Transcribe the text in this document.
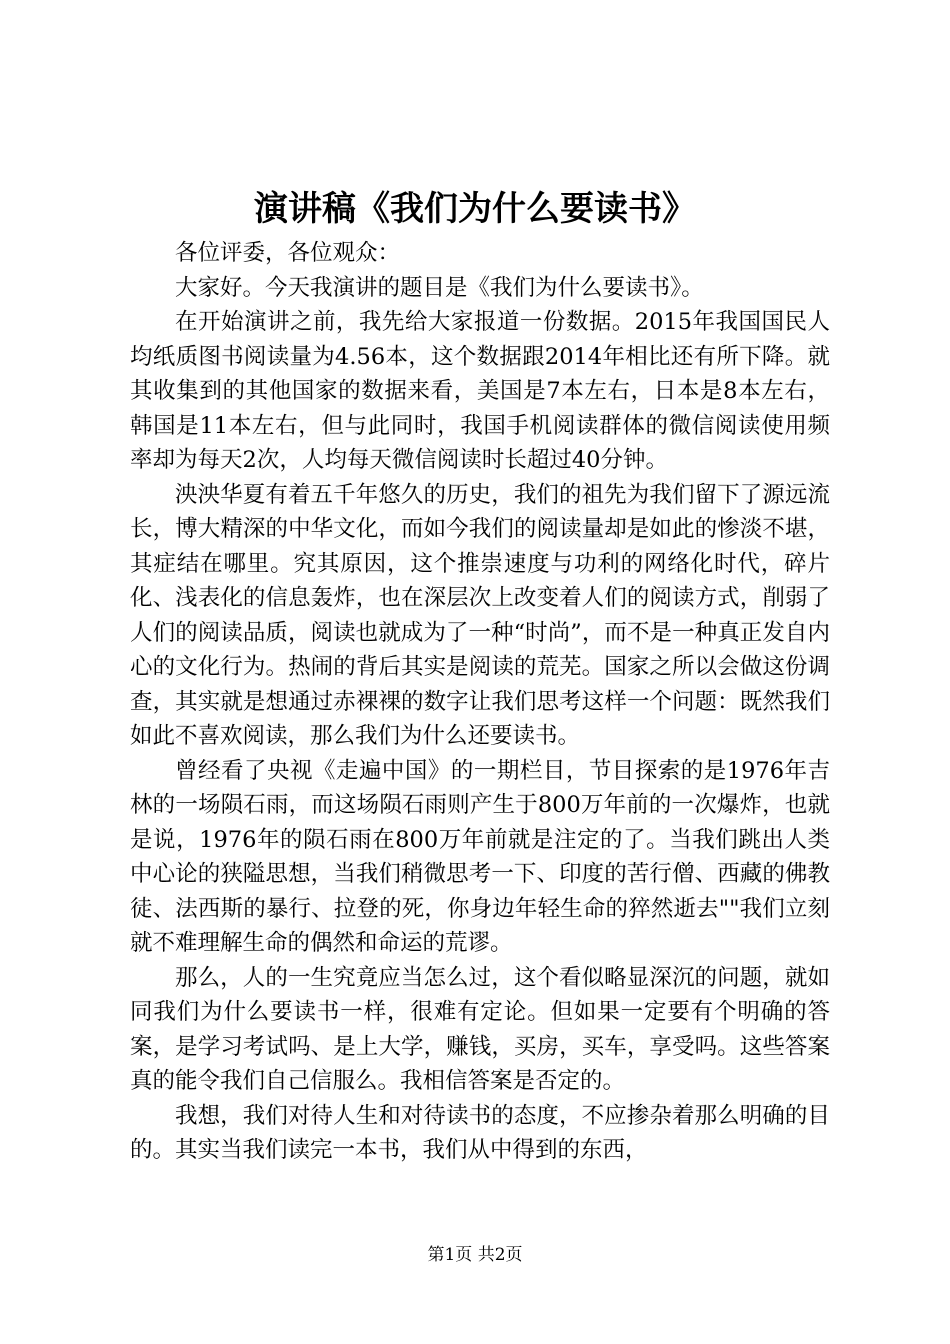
演讲稿《我们为什么要读书》

各位评委，各位观众：

大家好。今天我演讲的题目是《我们为什么要读书》。

在开始演讲之前，我先给大家报道一份数据。2015年我国国民人均纸质图书阅读量为4.56本，这个数据跟2014年相比还有所下降。就其收集到的其他国家的数据来看，美国是7本左右，日本是8本左右，韩国是11本左右，但与此同时，我国手机阅读群体的微信阅读使用频率却为每天2次，人均每天微信阅读时长超过40分钟。

泱泱华夏有着五千年悠久的历史，我们的祖先为我们留下了源远流长，博大精深的中华文化，而如今我们的阅读量却是如此的惨淡不堪，其症结在哪里。究其原因，这个推崇速度与功利的网络化时代，碎片化、浅表化的信息轰炸，也在深层次上改变着人们的阅读方式，削弱了人们的阅读品质，阅读也就成为了一种“时尚”，而不是一种真正发自内心的文化行为。热闹的背后其实是阅读的荒芜。国家之所以会做这份调查，其实就是想通过赤裸裸的数字让我们思考这样一个问题：既然我们如此不喜欢阅读，那么我们为什么还要读书。

曾经看了央视《走遍中国》的一期栏目，节目探索的是1976年吉林的一场陨石雨，而这场陨石雨则产生于800万年前的一次爆炸，也就是说，1976年的陨石雨在800万年前就是注定的了。当我们跳出人类中心论的狭隘思想，当我们稍微思考一下、印度的苦行僧、西藏的佛教徒、法西斯的暴行、拉登的死，你身边年轻生命的猝然逝去""我们立刻就不难理解生命的偶然和命运的荒谬。

那么，人的一生究竟应当怎么过，这个看似略显深沉的问题，就如同我们为什么要读书一样，很难有定论。但如果一定要有个明确的答案，是学习考试吗、是上大学，赚钱，买房，买车，享受吗。这些答案真的能令我们自己信服么。我相信答案是否定的。

我想，我们对待人生和对待读书的态度，不应掺杂着那么明确的目的。其实当我们读完一本书，我们从中得到的东西，

第1页 共2页
